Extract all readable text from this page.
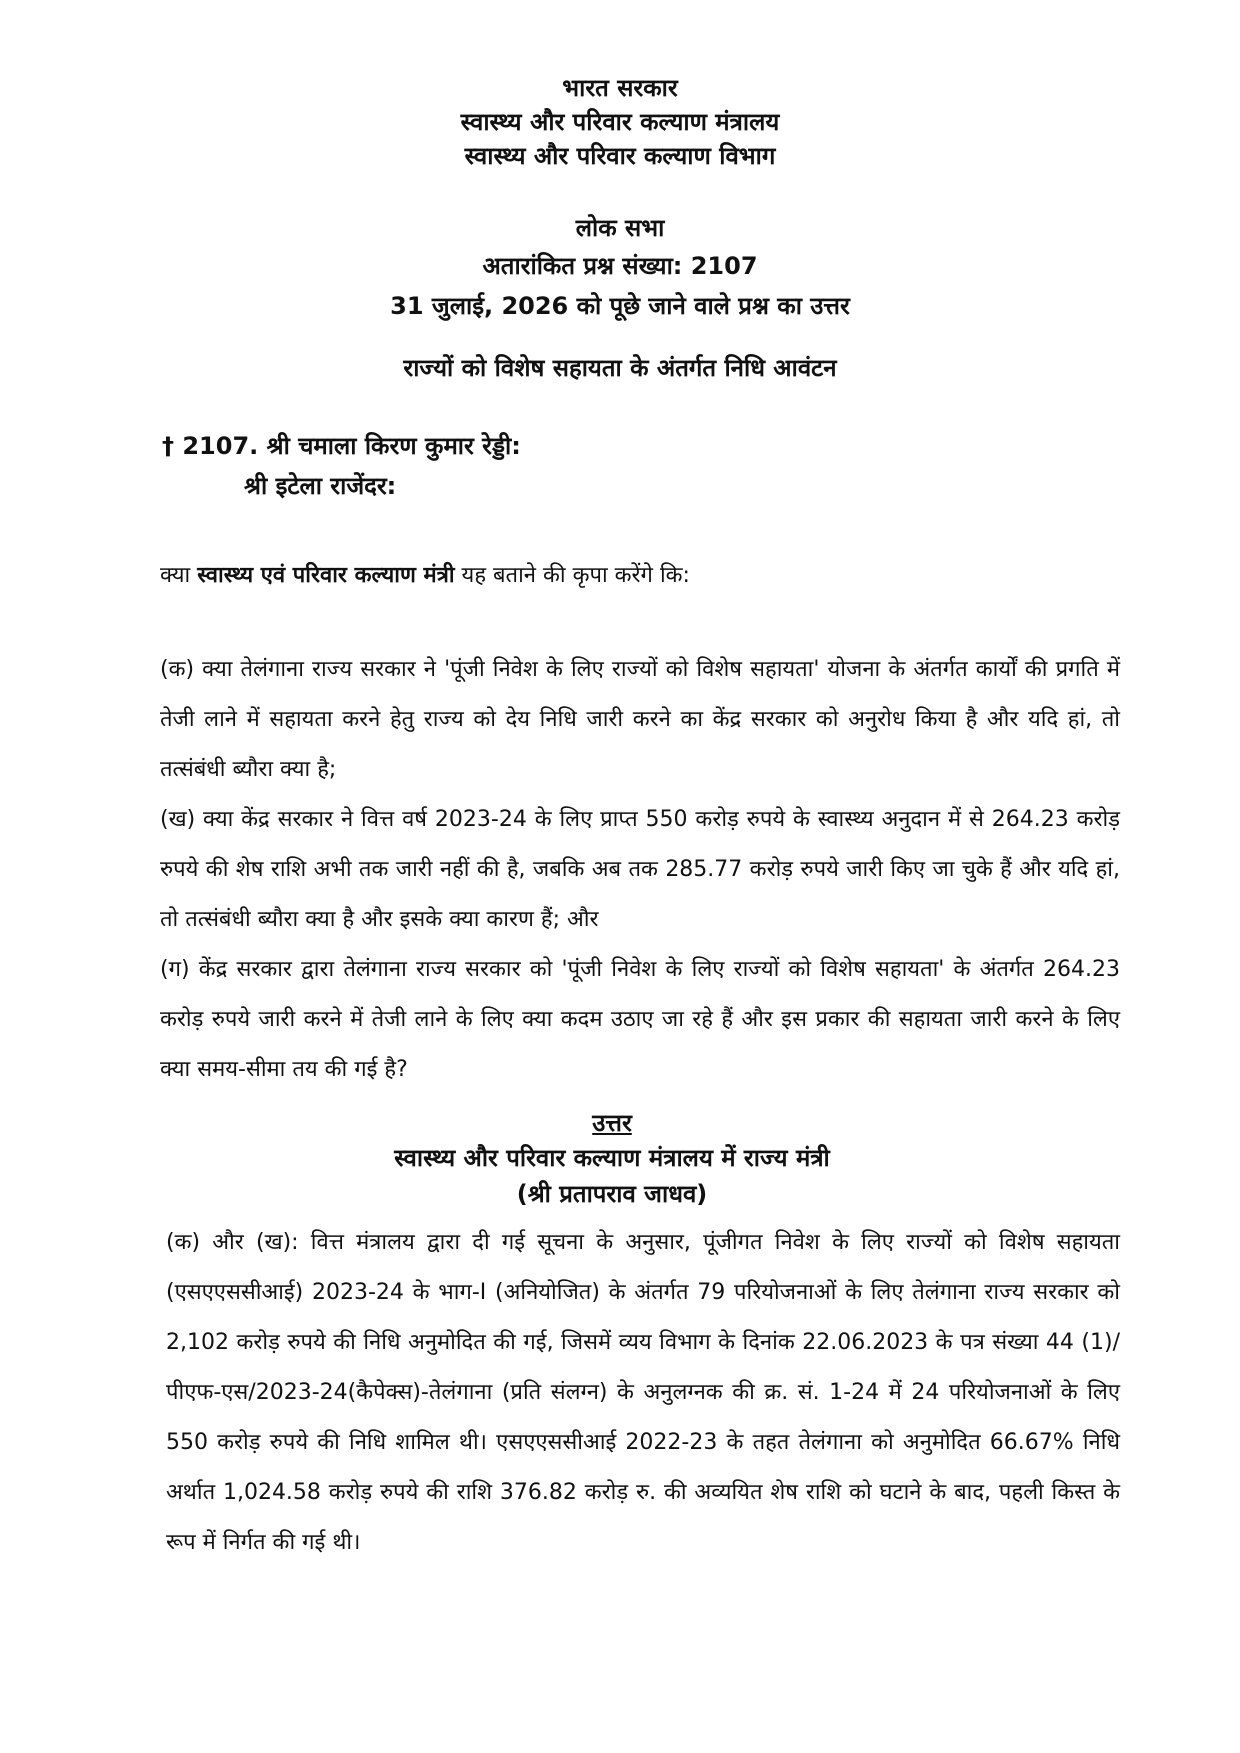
भारत सरकार
स्वास्थ्य और परिवार कल्याण मंत्रालय
स्वास्थ्य और परिवार कल्याण विभाग
लोक सभा
अतारांकित प्रश्न संख्या: 2107
31 जुलाई, 2026 को पूछे जाने वाले प्रश्न का उत्तर
राज्यों को विशेष सहायता के अंतर्गत निधि आवंटन
† 2107. श्री चमाला किरण कुमार रेड्डी:
श्री इटेला राजेंदर:
क्या स्वास्थ्य एवं परिवार कल्याण मंत्री यह बताने की कृपा करेंगे कि:

(क) क्या तेलंगाना राज्य सरकार ने 'पूंजी निवेश के लिए राज्यों को विशेष सहायता' योजना के अंतर्गत कार्यों की प्रगति में तेजी लाने में सहायता करने हेतु राज्य को देय निधि जारी करने का केंद्र सरकार को अनुरोध किया है और यदि हां, तो तत्संबंधी ब्यौरा क्या है;

(ख) क्या केंद्र सरकार ने वित्त वर्ष 2023-24 के लिए प्राप्त 550 करोड़ रुपये के स्वास्थ्य अनुदान में से 264.23 करोड़ रुपये की शेष राशि अभी तक जारी नहीं की है, जबकि अब तक 285.77 करोड़ रुपये जारी किए जा चुके हैं और यदि हां, तो तत्संबंधी ब्यौरा क्या है और इसके क्या कारण हैं; और

(ग) केंद्र सरकार द्वारा तेलंगाना राज्य सरकार को 'पूंजी निवेश के लिए राज्यों को विशेष सहायता' के अंतर्गत 264.23 करोड़ रुपये जारी करने में तेजी लाने के लिए क्या कदम उठाए जा रहे हैं और इस प्रकार की सहायता जारी करने के लिए क्या समय-सीमा तय की गई है?

उत्तर
स्वास्थ्य और परिवार कल्याण मंत्रालय में राज्य मंत्री
(श्री प्रतापराव जाधव)

(क) और (ख): वित्त मंत्रालय द्वारा दी गई सूचना के अनुसार, पूंजीगत निवेश के लिए राज्यों को विशेष सहायता (एसएएससीआई) 2023-24 के भाग-I (अनियोजित) के अंतर्गत 79 परियोजनाओं के लिए तेलंगाना राज्य सरकार को 2,102 करोड़ रुपये की निधि अनुमोदित की गई, जिसमें व्यय विभाग के दिनांक 22.06.2023 के पत्र संख्या 44 (1)/पीएफ-एस/2023-24(कैपेक्स)-तेलंगाना (प्रति संलग्न) के अनुलग्नक की क्र. सं. 1-24 में 24 परियोजनाओं के लिए 550 करोड़ रुपये की निधि शामिल थी। एसएएससीआई 2022-23 के तहत तेलंगाना को अनुमोदित 66.67% निधि अर्थात 1,024.58 करोड़ रुपये की राशि 376.82 करोड़ रु. की अव्ययित शेष राशि को घटाने के बाद, पहली किस्त के रूप में निर्गत की गई थी।
